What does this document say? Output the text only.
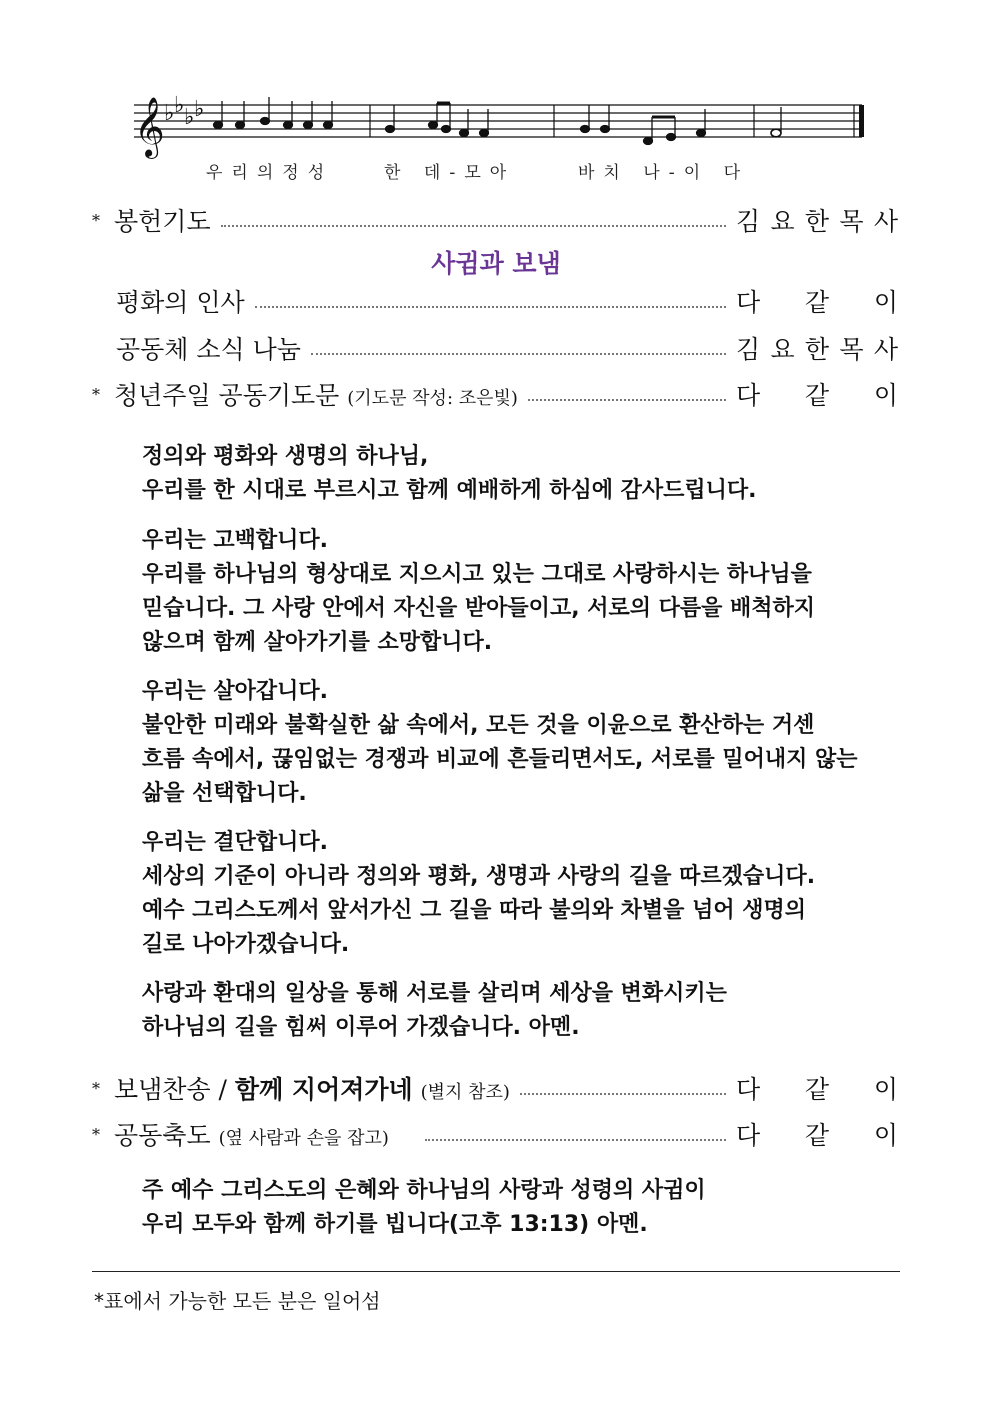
𝄞 ♭ ♭ ♭ ♭
우리의정성	한 데-모아	바치 나-이 다
* 봉헌기도	김 요 한 목 사
사귐과 보냄
평화의 인사	다 같 이
공동체 소식 나눔	김 요 한 목 사
* 청년주일 공동기도문 (기도문 작성: 조은빛)	다 같 이

정의와 평화와 생명의 하나님,

우리를 한 시대로 부르시고 함께 예배하게 하심에 감사드립니다.

우리는 고백합니다.

우리를 하나님의 형상대로 지으시고 있는 그대로 사랑하시는 하나님을

믿습니다. 그 사랑 안에서 자신을 받아들이고, 서로의 다름을 배척하지

않으며 함께 살아가기를 소망합니다.

우리는 살아갑니다.

불안한 미래와 불확실한 삶 속에서, 모든 것을 이윤으로 환산하는 거센

흐름 속에서, 끊임없는 경쟁과 비교에 흔들리면서도, 서로를 밀어내지 않는

삶을 선택합니다.

우리는 결단합니다.

세상의 기준이 아니라 정의와 평화, 생명과 사랑의 길을 따르겠습니다.

예수 그리스도께서 앞서가신 그 길을 따라 불의와 차별을 넘어 생명의

길로 나아가겠습니다.

사랑과 환대의 일상을 통해 서로를 살리며 세상을 변화시키는

하나님의 길을 힘써 이루어 가겠습니다. 아멘.

* 보냄찬송 / 함께 지어져가네 (별지 참조)	다 같 이
* 공동축도 (옆 사람과 손을 잡고)	다 같 이

주 예수 그리스도의 은혜와 하나님의 사랑과 성령의 사귐이

우리 모두와 함께 하기를 빕니다(고후 13:13) 아멘.

*표에서 가능한 모든 분은 일어섬
